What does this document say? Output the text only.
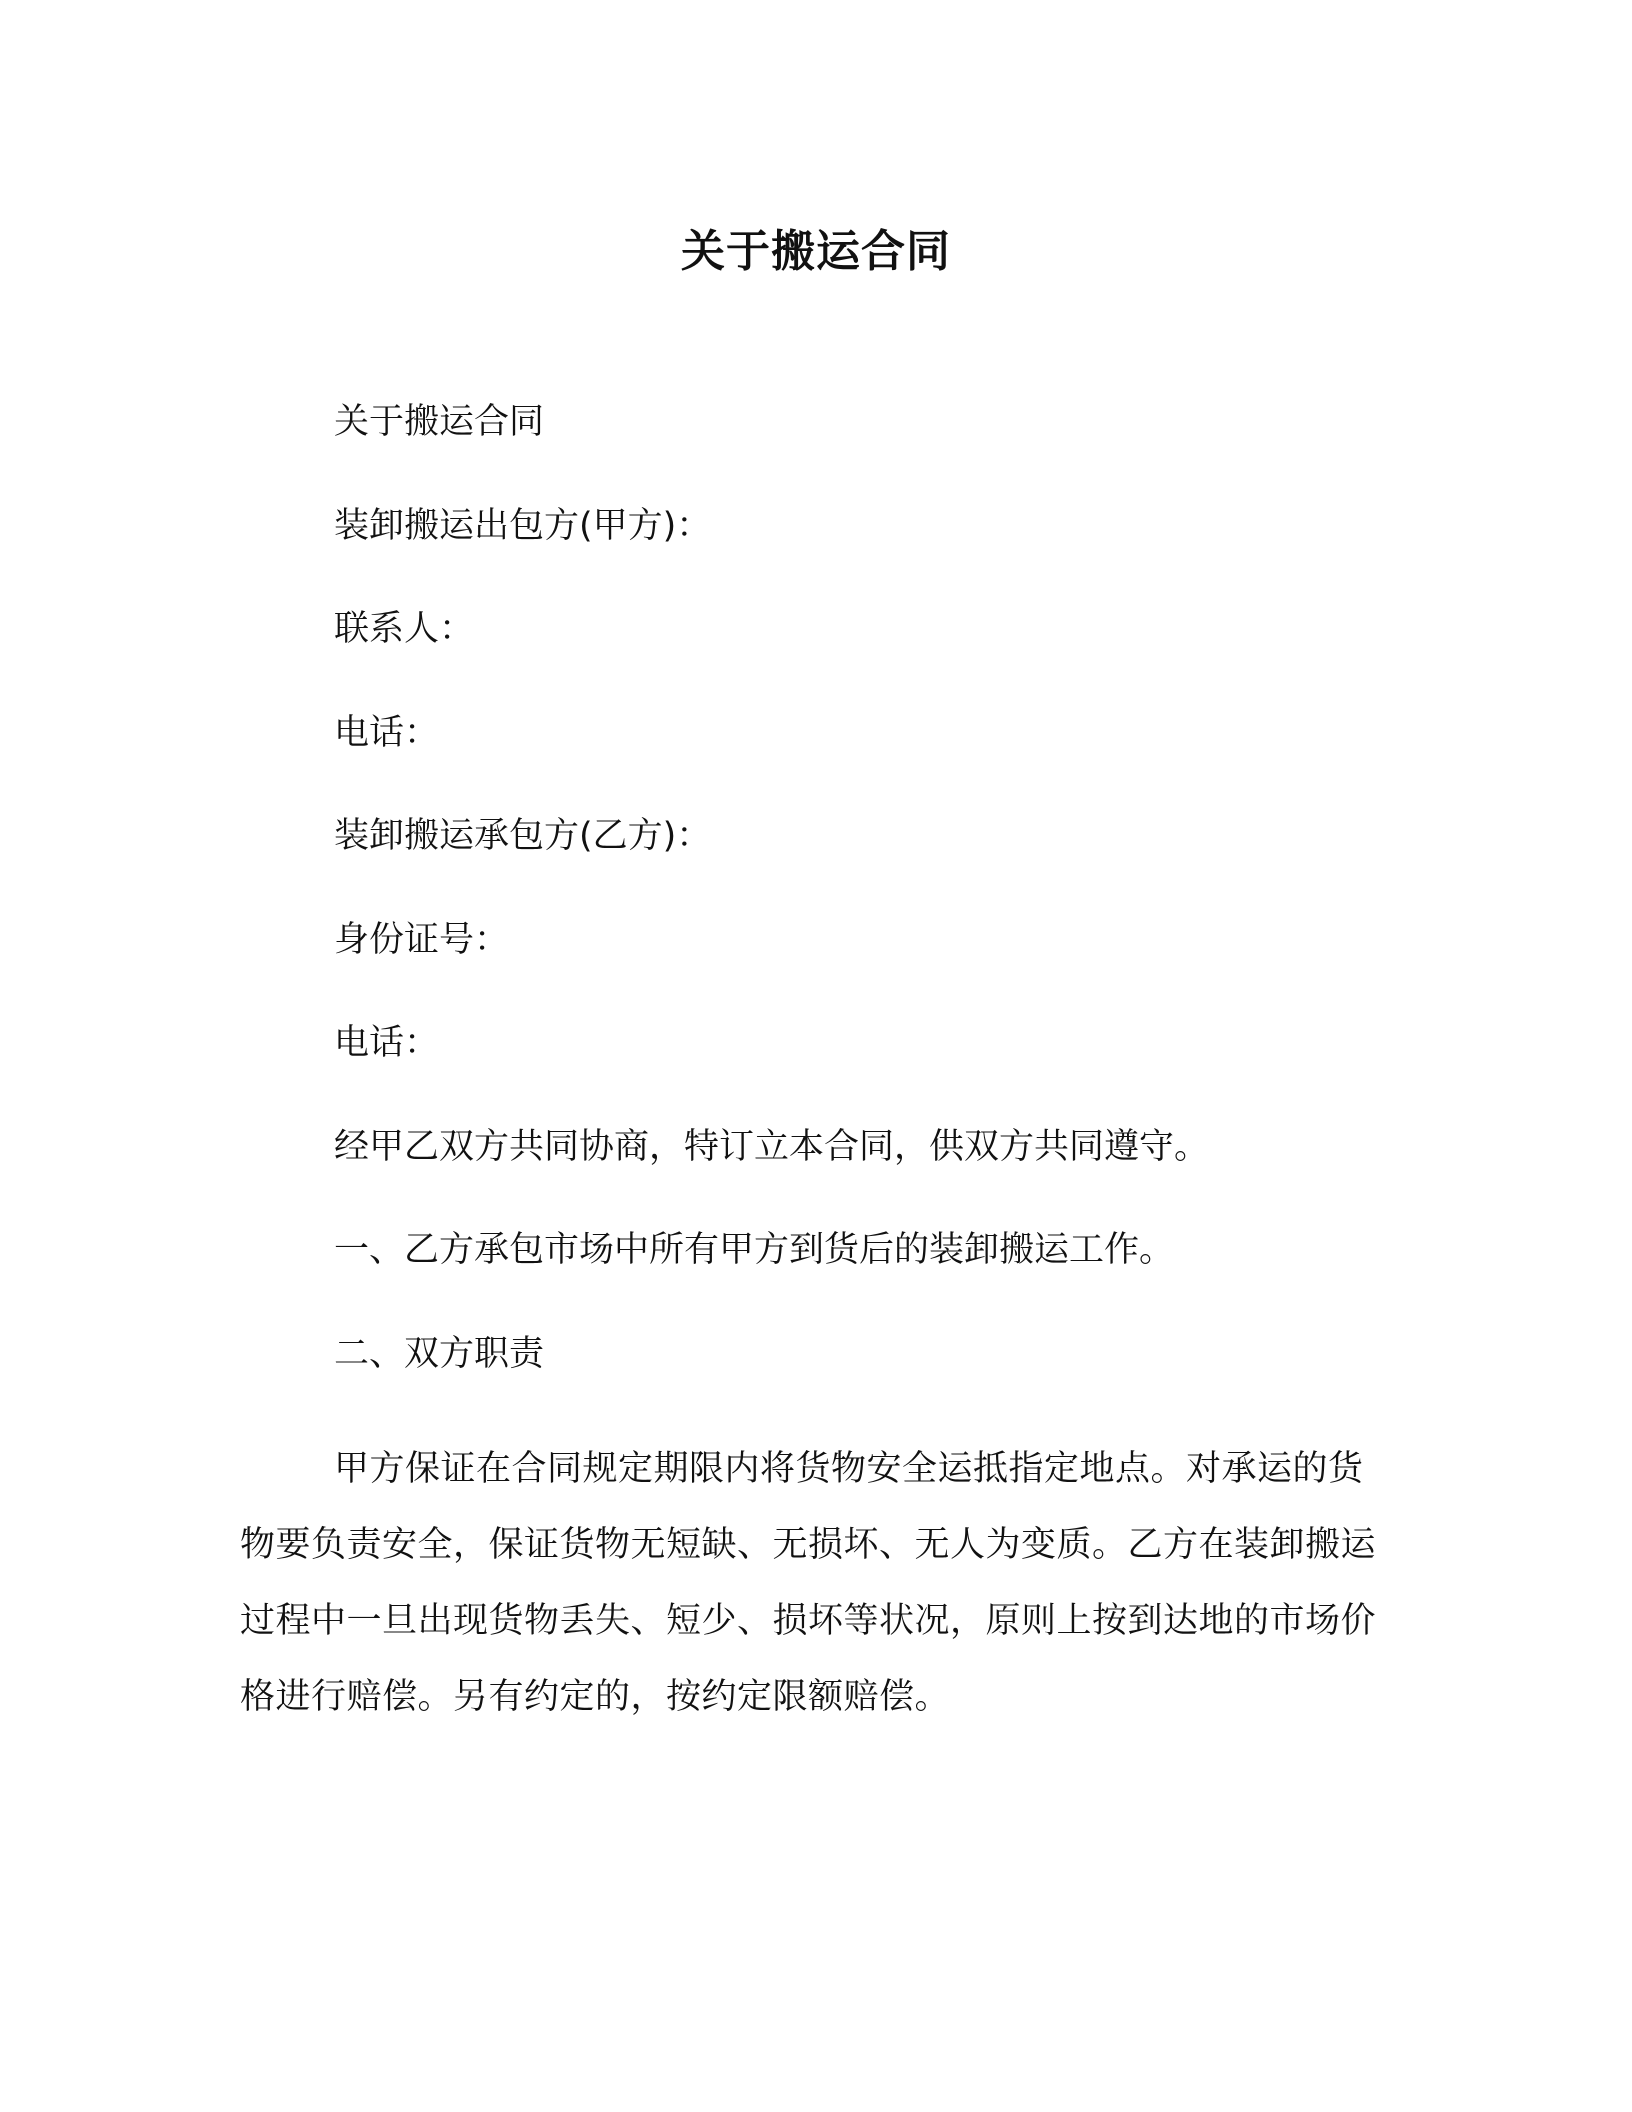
关于搬运合同

关于搬运合同

装卸搬运出包方(甲方)：

联系人：

电话：

装卸搬运承包方(乙方)：

身份证号：

电话：

经甲乙双方共同协商，特订立本合同，供双方共同遵守。

一、乙方承包市场中所有甲方到货后的装卸搬运工作。

二、双方职责

甲方保证在合同规定期限内将货物安全运抵指定地点。对承运的货物要负责安全，保证货物无短缺、无损坏、无人为变质。乙方在装卸搬运过程中一旦出现货物丢失、短少、损坏等状况，原则上按到达地的市场价格进行赔偿。另有约定的，按约定限额赔偿。
